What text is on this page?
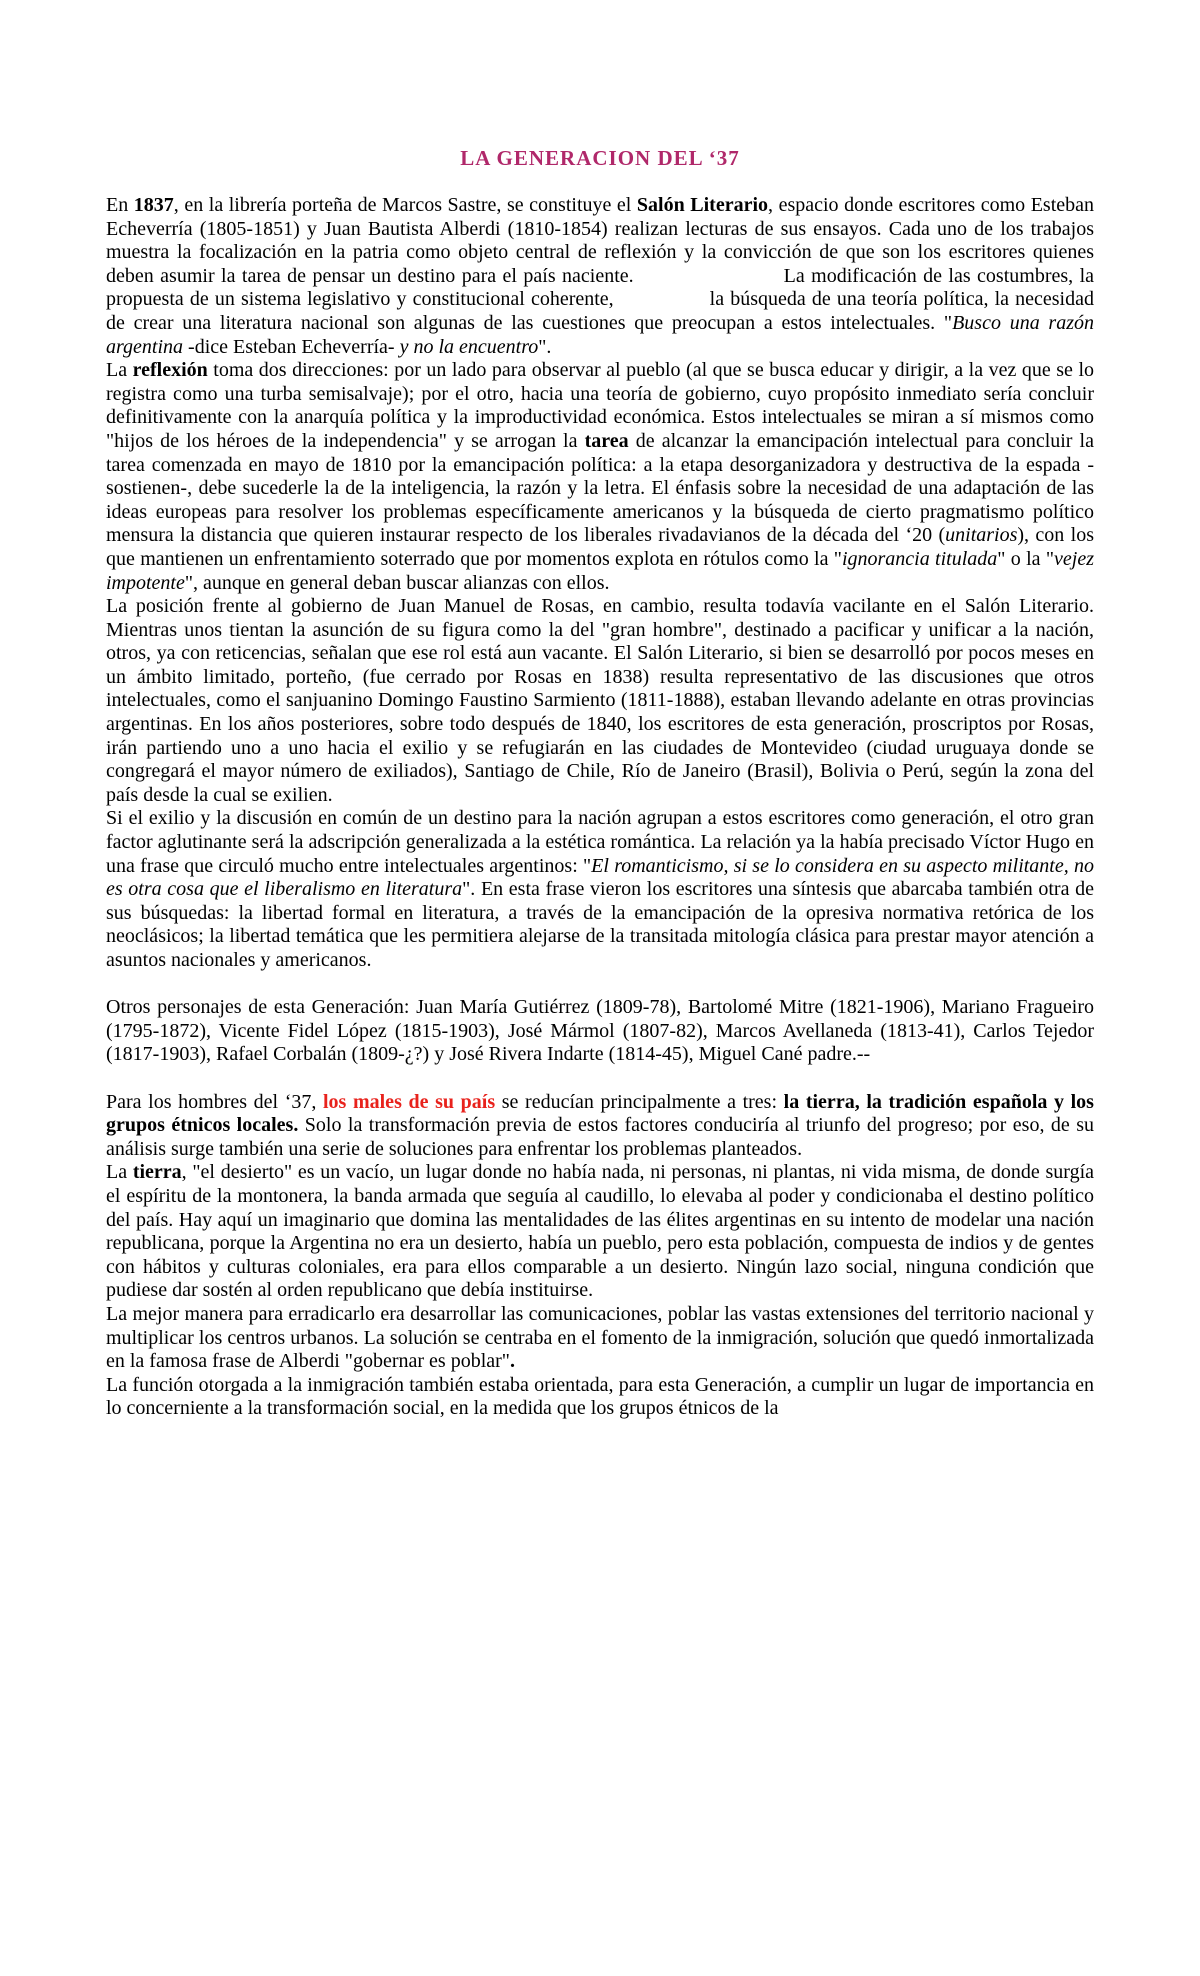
LA GENERACION DEL ‘37

En 1837, en la librería porteña de Marcos Sastre, se constituye el Salón Literario, espacio donde escritores como Esteban Echeverría (1805-1851) y Juan Bautista Alberdi (1810-1854) realizan lecturas de sus ensayos. Cada uno de los trabajos muestra la focalización en la patria como objeto central de reflexión y la convicción de que son los escritores quienes deben asumir la tarea de pensar un destino para el país naciente.	La modificación de las costumbres, la propuesta de un sistema legislativo y constitucional coherente,	la búsqueda de una teoría política, la necesidad de crear una literatura nacional son algunas de las cuestiones que preocupan a estos intelectuales. "Busco una razón argentina -dice Esteban Echeverría- y no la encuentro".

La reflexión toma dos direcciones: por un lado para observar al pueblo (al que se busca educar y dirigir, a la vez que se lo registra como una turba semisalvaje); por el otro, hacia una teoría de gobierno, cuyo propósito inmediato sería concluir definitivamente con la anarquía política y la improductividad económica. Estos intelectuales se miran a sí mismos como "hijos de los héroes de la independencia" y se arrogan la tarea de alcanzar la emancipación intelectual para concluir la tarea comenzada en mayo de 1810 por la emancipación política: a la etapa desorganizadora y destructiva de la espada -sostienen-, debe sucederle la de la inteligencia, la razón y la letra. El énfasis sobre la necesidad de una adaptación de las ideas europeas para resolver los problemas específicamente americanos y la búsqueda de cierto pragmatismo político mensura la distancia que quieren instaurar respecto de los liberales rivadavianos de la década del ‘20 (unitarios), con los que mantienen un enfrentamiento soterrado que por momentos explota en rótulos como la "ignorancia titulada" o la "vejez impotente", aunque en general deban buscar alianzas con ellos.

La posición frente al gobierno de Juan Manuel de Rosas, en cambio, resulta todavía vacilante en el Salón Literario. Mientras unos tientan la asunción de su figura como la del "gran hombre", destinado a pacificar y unificar a la nación, otros, ya con reticencias, señalan que ese rol está aun vacante. El Salón Literario, si bien se desarrolló por pocos meses en un ámbito limitado, porteño, (fue cerrado por Rosas en 1838) resulta representativo de las discusiones que otros intelectuales, como el sanjuanino Domingo Faustino Sarmiento (1811-1888), estaban llevando adelante en otras provincias argentinas. En los años posteriores, sobre todo después de 1840, los escritores de esta generación, proscriptos por Rosas, irán partiendo uno a uno hacia el exilio y se refugiarán en las ciudades de Montevideo (ciudad uruguaya donde se congregará el mayor número de exiliados), Santiago de Chile, Río de Janeiro (Brasil), Bolivia o Perú, según la zona del país desde la cual se exilien.

Si el exilio y la discusión en común de un destino para la nación agrupan a estos escritores como generación, el otro gran factor aglutinante será la adscripción generalizada a la estética romántica. La relación ya la había precisado Víctor Hugo en una frase que circuló mucho entre intelectuales argentinos: "El romanticismo, si se lo considera en su aspecto militante, no es otra cosa que el liberalismo en literatura". En esta frase vieron los escritores una síntesis que abarcaba también otra de sus búsquedas: la libertad formal en literatura, a través de la emancipación de la opresiva normativa retórica de los neoclásicos; la libertad temática que les permitiera alejarse de la transitada mitología clásica para prestar mayor atención a asuntos nacionales y americanos.

Otros personajes de esta Generación: Juan María Gutiérrez (1809-78), Bartolomé Mitre (1821-1906), Mariano Fragueiro (1795-1872), Vicente Fidel López (1815-1903), José Mármol (1807-82), Marcos Avellaneda (1813-41), Carlos Tejedor (1817-1903), Rafael Corbalán (1809-¿?) y José Rivera Indarte (1814-45), Miguel Cané padre.--

Para los hombres del ‘37, los males de su país se reducían principalmente a tres: la tierra, la tradición española y los grupos étnicos locales. Solo la transformación previa de estos factores conduciría al triunfo del progreso; por eso, de su análisis surge también una serie de soluciones para enfrentar los problemas planteados.

La tierra, "el desierto" es un vacío, un lugar donde no había nada, ni personas, ni plantas, ni vida misma, de donde surgía el espíritu de la montonera, la banda armada que seguía al caudillo, lo elevaba al poder y condicionaba el destino político del país. Hay aquí un imaginario que domina las mentalidades de las élites argentinas en su intento de modelar una nación republicana, porque la Argentina no era un desierto, había un pueblo, pero esta población, compuesta de indios y de gentes con hábitos y culturas coloniales, era para ellos comparable a un desierto. Ningún lazo social, ninguna condición que pudiese dar sostén al orden republicano que debía instituirse.

La mejor manera para erradicarlo era desarrollar las comunicaciones, poblar las vastas extensiones del territorio nacional y multiplicar los centros urbanos. La solución se centraba en el fomento de la inmigración, solución que quedó inmortalizada en la famosa frase de Alberdi "gobernar es poblar".

La función otorgada a la inmigración también estaba orientada, para esta Generación, a cumplir un lugar de importancia en lo concerniente a la transformación social, en la medida que los grupos étnicos de la
